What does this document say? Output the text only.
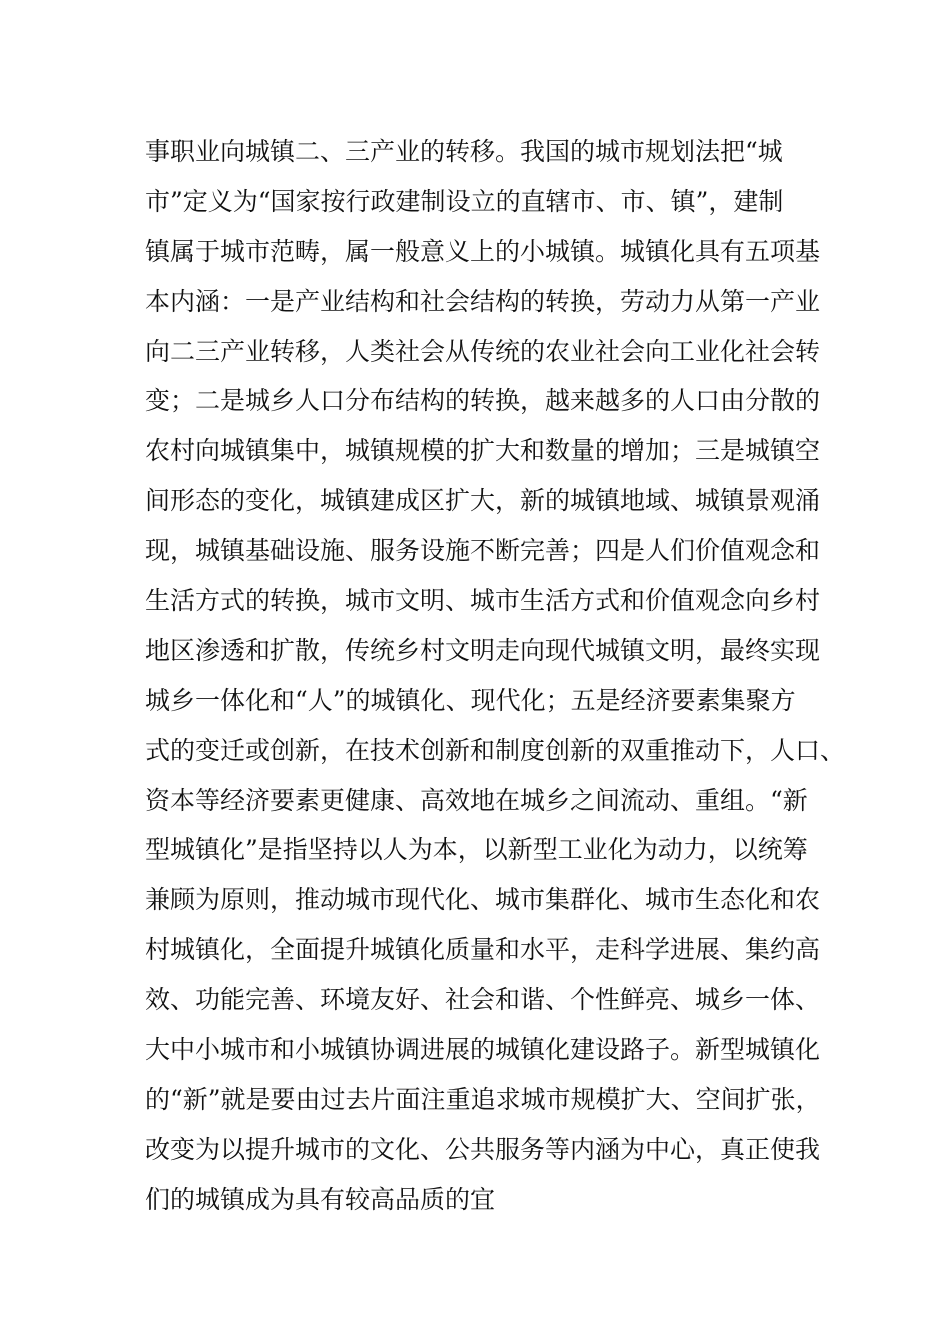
事职业向城镇二、三产业的转移。我国的城市规划法把“城
市”定义为“国家按行政建制设立的直辖市、市、镇”，建制
镇属于城市范畴，属一般意义上的小城镇。城镇化具有五项基
本内涵：一是产业结构和社会结构的转换，劳动力从第一产业
向二三产业转移，人类社会从传统的农业社会向工业化社会转
变；二是城乡人口分布结构的转换，越来越多的人口由分散的
农村向城镇集中，城镇规模的扩大和数量的增加；三是城镇空
间形态的变化，城镇建成区扩大，新的城镇地域、城镇景观涌
现，城镇基础设施、服务设施不断完善；四是人们价值观念和
生活方式的转换，城市文明、城市生活方式和价值观念向乡村
地区渗透和扩散，传统乡村文明走向现代城镇文明，最终实现
城乡一体化和“人”的城镇化、现代化；五是经济要素集聚方
式的变迁或创新，在技术创新和制度创新的双重推动下，人口、
资本等经济要素更健康、高效地在城乡之间流动、重组。“新
型城镇化”是指坚持以人为本，以新型工业化为动力，以统筹
兼顾为原则，推动城市现代化、城市集群化、城市生态化和农
村城镇化，全面提升城镇化质量和水平，走科学进展、集约高
效、功能完善、环境友好、社会和谐、个性鲜亮、城乡一体、
大中小城市和小城镇协调进展的城镇化建设路子。新型城镇化
的“新”就是要由过去片面注重追求城市规模扩大、空间扩张，
改变为以提升城市的文化、公共服务等内涵为中心，真正使我
们的城镇成为具有较高品质的宜
